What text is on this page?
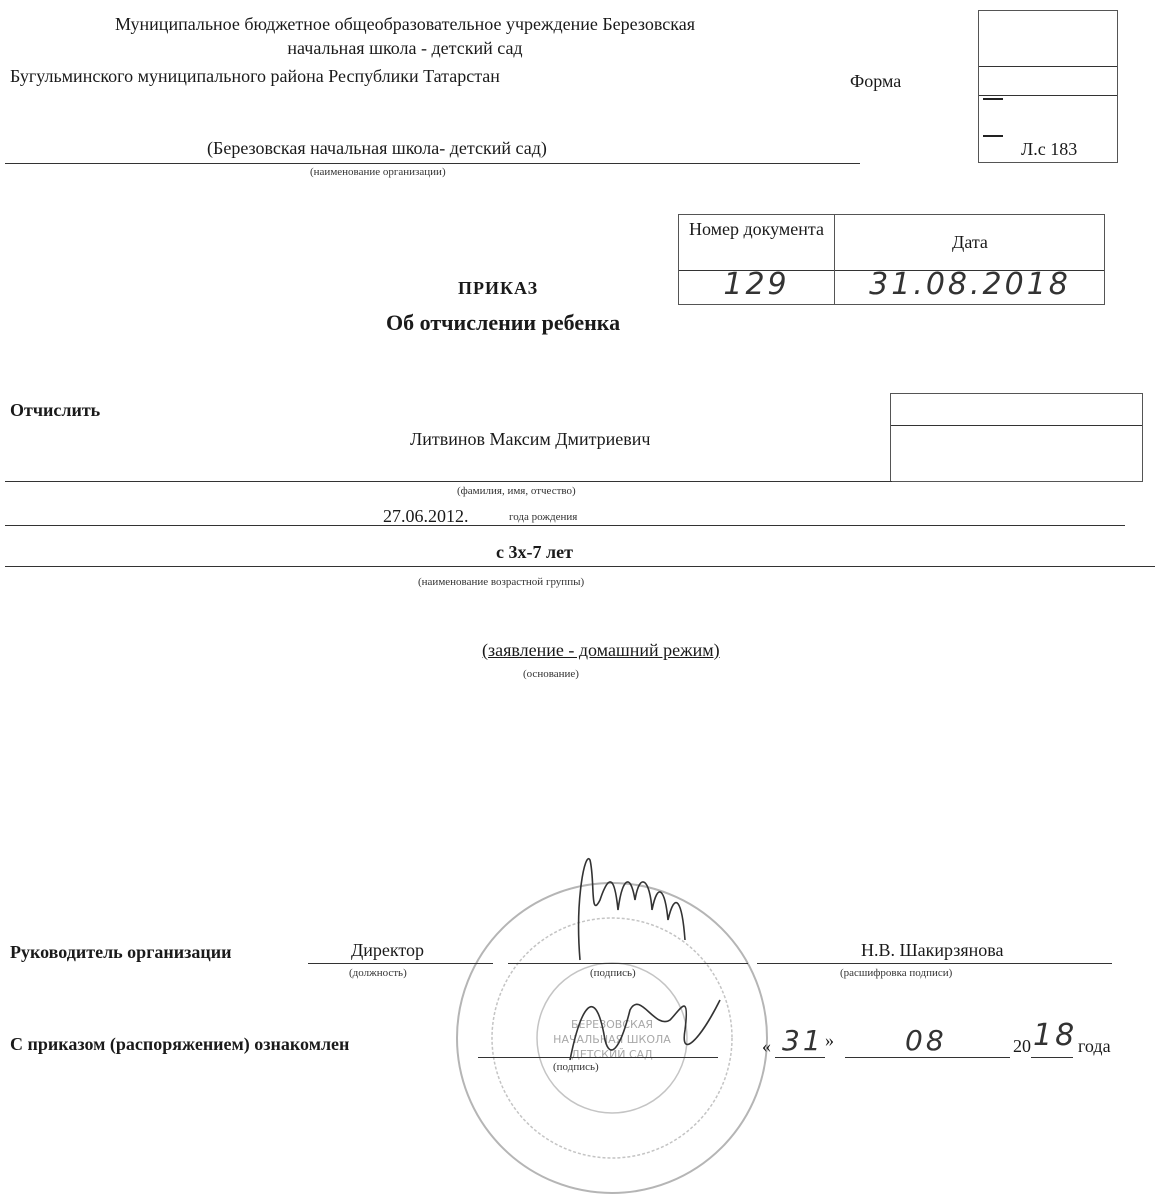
Муниципальное бюджетное общеобразовательное учреждение Березовская
начальная школа - детский сад
Бугульминского муниципального района Республики Татарстан	Форма
(Березовская начальная школа- детский сад)
(наименование организации)
Л.с 183
Номер документа
Дата
129	31.08.2018
ПРИКАЗ
Об отчислении ребенка
Отчислить
Литвинов Максим Дмитриевич
(фамилия, имя, отчество)
27.06.2012.	года рождения
с 3х-7 лет
(наименование возрастной группы)
(заявление - домашний режим)
(основание)
БЕРЕЗОВСКАЯ
НАЧАЛЬНАЯ ШКОЛА
ДЕТСКИЙ САД
Руководитель организации	Директор
(должность)	(подпись)
Н.В. Шакирзянова
(расшифровка подписи)
С приказом (распоряжением) ознакомлен
(подпись)
« 31 »	08	20 18 года
